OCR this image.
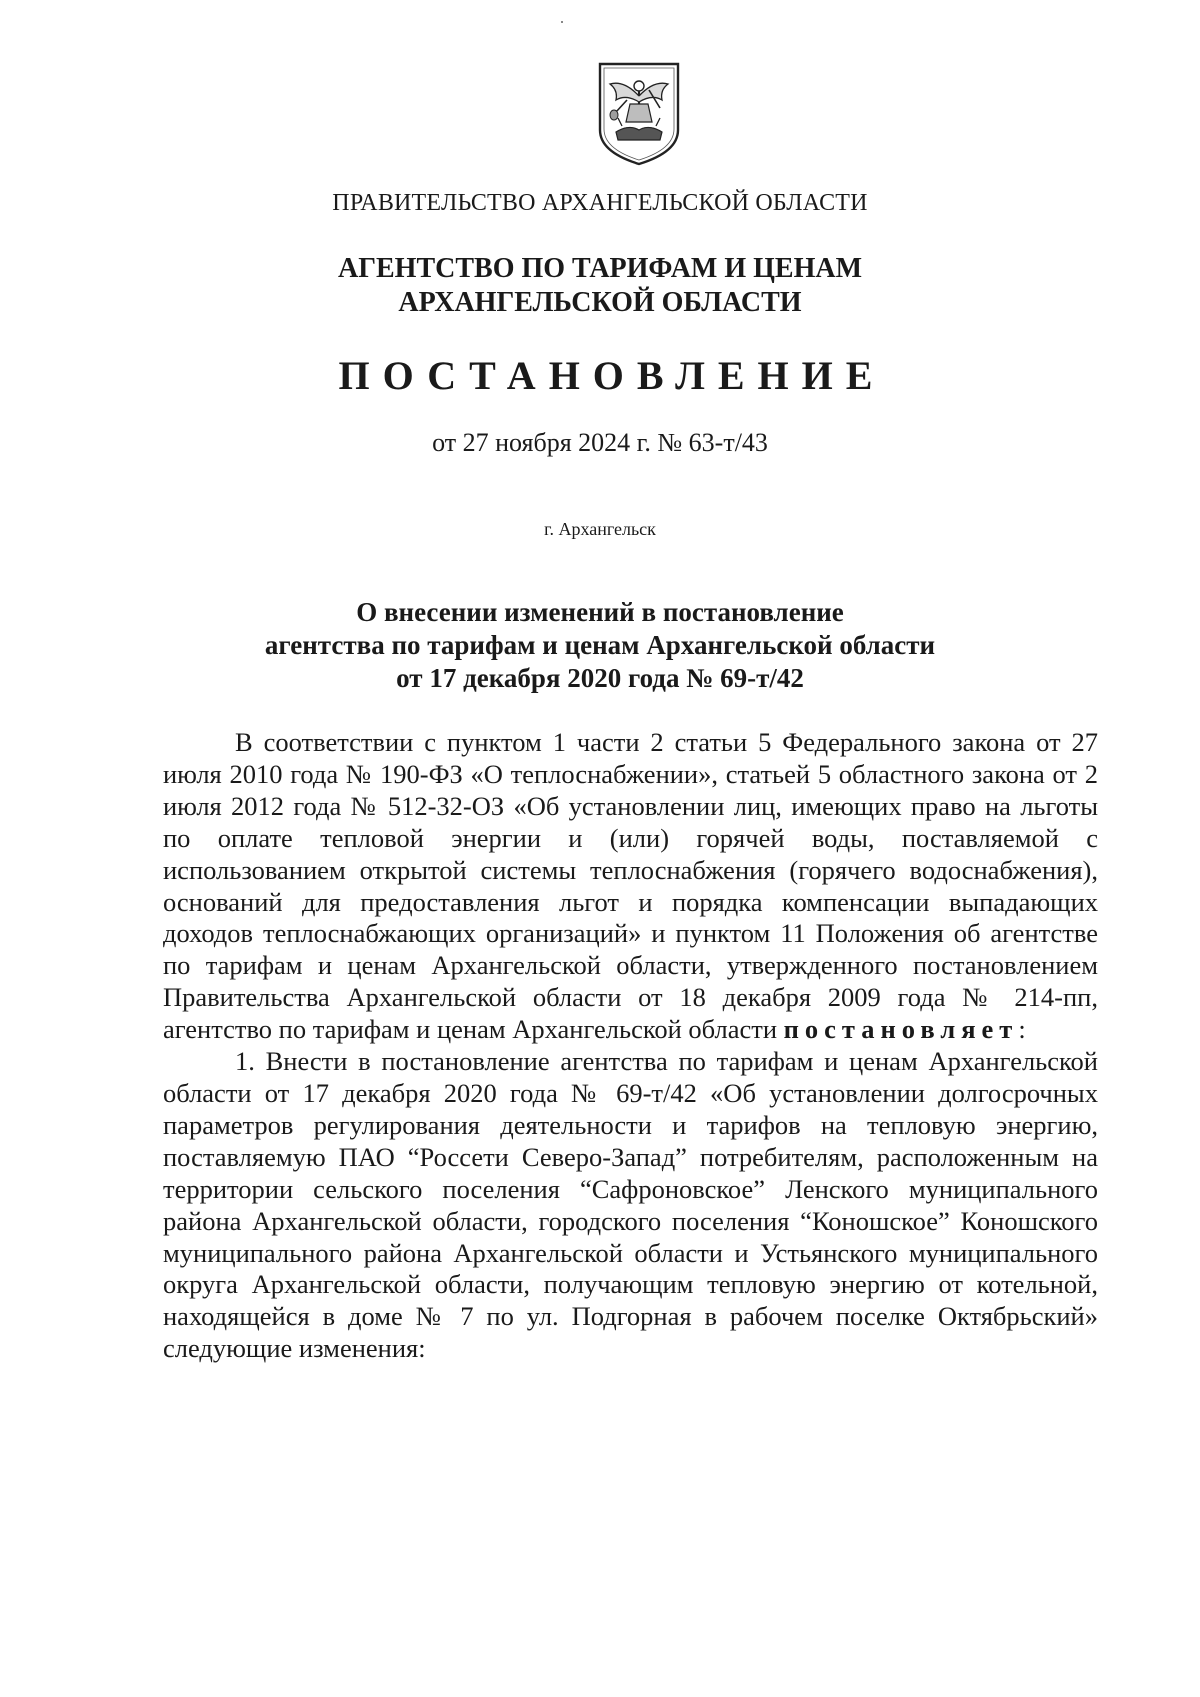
ПРАВИТЕЛЬСТВО АРХАНГЕЛЬСКОЙ ОБЛАСТИ
АГЕНТСТВО ПО ТАРИФАМ И ЦЕНАМ
АРХАНГЕЛЬСКОЙ ОБЛАСТИ
ПОСТАНОВЛЕНИЕ
от 27 ноября 2024 г. № 63-т/43
г. Архангельск
О внесении изменений в постановление
агентства по тарифам и ценам Архангельской области
от 17 декабря 2020 года № 69-т/42

В соответствии с пунктом 1 части 2 статьи 5 Федерального закона от 27 июля 2010 года № 190-ФЗ «О теплоснабжении», статьей 5 областного закона от 2 июля 2012 года № 512-32-ОЗ «Об установлении лиц, имеющих право на льготы по оплате тепловой энергии и (или) горячей воды, поставляемой с использованием открытой системы теплоснабжения (горячего водоснабжения), оснований для предоставления льгот и порядка компенсации выпадающих доходов теплоснабжающих организаций» и пунктом 11 Положения об агентстве по тарифам и ценам Архангельской области, утвержденного постановлением Правительства Архангельской области от 18 декабря 2009 года № 214-пп, агентство по тарифам и ценам Архангельской области постановляет:

1. Внести в постановление агентства по тарифам и ценам Архангельской области от 17 декабря 2020 года № 69-т/42 «Об установлении долгосрочных параметров регулирования деятельности и тарифов на тепловую энергию, поставляемую ПАО “Россети Северо-Запад” потребителям, расположенным на территории сельского поселения “Сафроновское” Ленского муниципального района Архангельской области, городского поселения “Коношское” Коношского муниципального района Архангельской области и Устьянского муниципального округа Архангельской области, получающим тепловую энергию от котельной, находящейся в доме № 7 по ул. Подгорная в рабочем поселке Октябрьский» следующие изменения:
